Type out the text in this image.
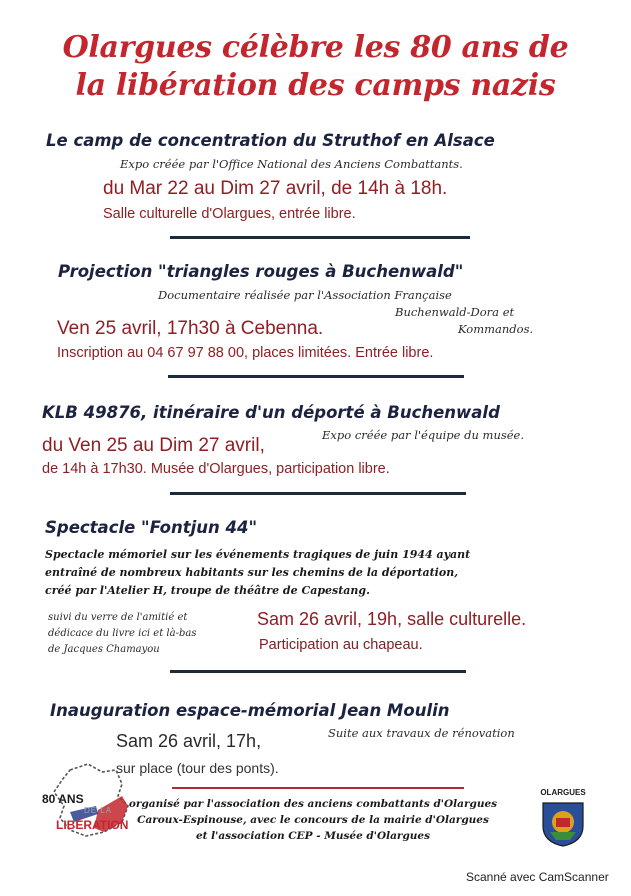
Olargues célèbre les 80 ans de
la libération des camps nazis
Le camp de concentration du Struthof en Alsace
Expo créée par l'Office National des Anciens Combattants.
du Mar 22 au Dim 27 avril, de 14h à 18h.
Salle culturelle d'Olargues, entrée libre.
Projection "triangles rouges à Buchenwald"
Documentaire réalisée par l'Association Française
Buchenwald-Dora et
Kommandos.
Ven 25 avril, 17h30 à Cebenna.
Inscription au 04 67 97 88 00, places limitées. Entrée libre.
KLB 49876, itinéraire d'un déporté à Buchenwald
Expo créée par l'équipe du musée.
du Ven 25 au Dim 27 avril,
de 14h à 17h30. Musée d'Olargues, participation libre.
Spectacle "Fontjun 44"
Spectacle mémoriel sur les événements tragiques de juin 1944 ayant
entraîné de nombreux habitants sur les chemins de la déportation,
créé par l'Atelier H, troupe de théâtre de Capestang.
suivi du verre de l'amitié et
dédicace du livre ici et là-bas
de Jacques Chamayou
Sam 26 avril, 19h, salle culturelle.
Participation au chapeau.
Inauguration espace-mémorial Jean Moulin
Suite aux travaux de rénovation
Sam 26 avril, 17h,
sur place (tour des ponts).
80 ANS
DE LA
LIBÉRATION
organisé par l'association des anciens combattants d'Olargues
Caroux-Espinouse, avec le concours de la mairie d'Olargues
et l'association CEP - Musée d'Olargues
OLARGUES
Scanné avec CamScanner
